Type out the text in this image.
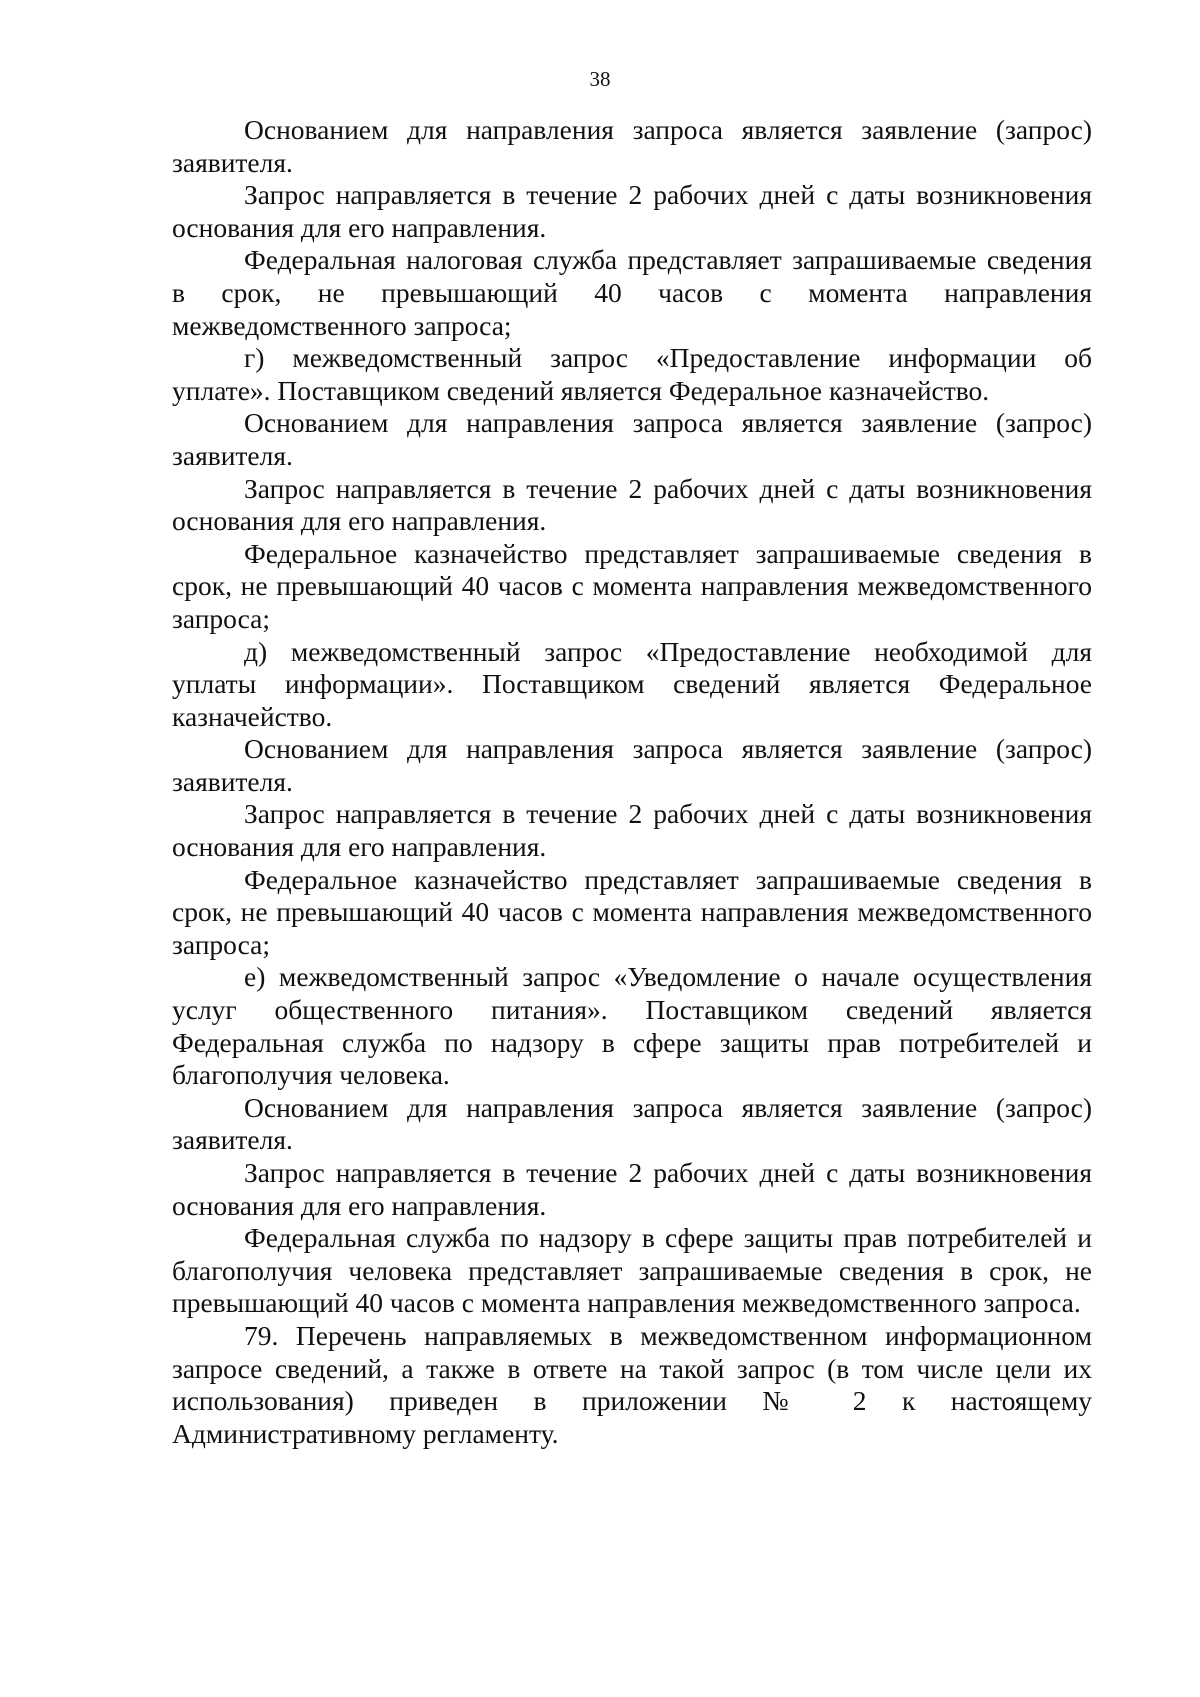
38

Основанием для направления запроса является заявление (запрос) заявителя.

Запрос направляется в течение 2 рабочих дней с даты возникновения основания для его направления.

Федеральная налоговая служба представляет запрашиваемые сведения в срок, не превышающий 40 часов с момента направления межведомственного запроса;

г) межведомственный запрос «Предоставление информации об уплате». Поставщиком сведений является Федеральное казначейство.

Основанием для направления запроса является заявление (запрос) заявителя.

Запрос направляется в течение 2 рабочих дней с даты возникновения основания для его направления.

Федеральное казначейство представляет запрашиваемые сведения в срок, не превышающий 40 часов с момента направления межведомственного запроса;

д) межведомственный запрос «Предоставление необходимой для уплаты информации». Поставщиком сведений является Федеральное казначейство.

Основанием для направления запроса является заявление (запрос) заявителя.

Запрос направляется в течение 2 рабочих дней с даты возникновения основания для его направления.

Федеральное казначейство представляет запрашиваемые сведения в срок, не превышающий 40 часов с момента направления межведомственного запроса;

е) межведомственный запрос «Уведомление о начале осуществления услуг общественного питания». Поставщиком сведений является Федеральная служба по надзору в сфере защиты прав потребителей и благополучия человека.

Основанием для направления запроса является заявление (запрос) заявителя.

Запрос направляется в течение 2 рабочих дней с даты возникновения основания для его направления.

Федеральная служба по надзору в сфере защиты прав потребителей и благополучия человека представляет запрашиваемые сведения в срок, не превышающий 40 часов с момента направления межведомственного запроса.

79. Перечень направляемых в межведомственном информационном запросе сведений, а также в ответе на такой запрос (в том числе цели их использования) приведен в приложении № 2 к настоящему Административному регламенту.
